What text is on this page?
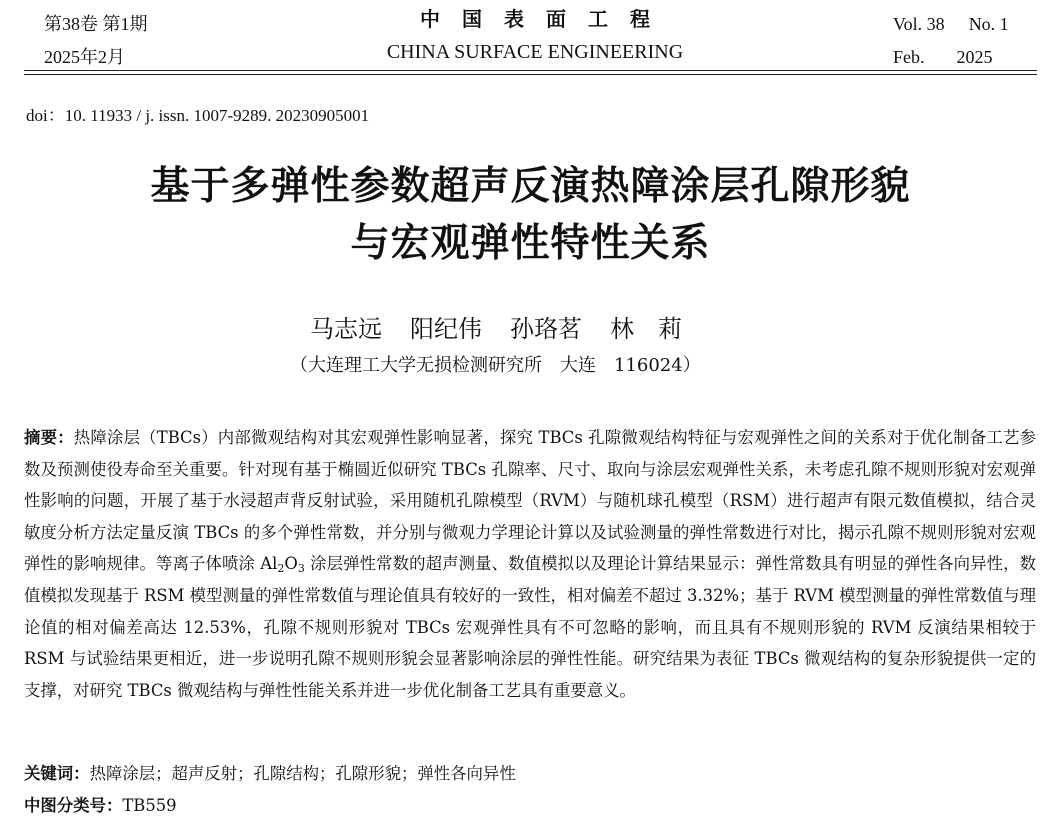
第38卷 第1期
2025年2月
中国表面工程
CHINA SURFACE ENGINEERING
Vol. 38 No. 1
Feb. 2025
doi：10. 11933 / j. issn. 1007-9289. 20230905001
基于多弹性参数超声反演热障涂层孔隙形貌
与宏观弹性特性关系
马志远 阳纪伟 孙珞茗 林　莉
（大连理工大学无损检测研究所 大连 116024）
摘要：热障涂层（TBCs）内部微观结构对其宏观弹性影响显著，探究 TBCs 孔隙微观结构特征与宏观弹性之间的关系对于优化制备工艺参数及预测使役寿命至关重要。针对现有基于椭圆近似研究 TBCs 孔隙率、尺寸、取向与涂层宏观弹性关系，未考虑孔隙不规则形貌对宏观弹性影响的问题，开展了基于水浸超声背反射试验，采用随机孔隙模型（RVM）与随机球孔模型（RSM）进行超声有限元数值模拟，结合灵敏度分析方法定量反演 TBCs 的多个弹性常数，并分别与微观力学理论计算以及试验测量的弹性常数进行对比，揭示孔隙不规则形貌对宏观弹性的影响规律。等离子体喷涂 $Al_2O_3$ 涂层弹性常数的超声测量、数值模拟以及理论计算结果显示：弹性常数具有明显的弹性各向异性，数值模拟发现基于 RSM 模型测量的弹性常数值与理论值具有较好的一致性，相对偏差不超过 3.32%；基于 RVM 模型测量的弹性常数值与理论值的相对偏差高达 12.53%，孔隙不规则形貌对 TBCs 宏观弹性具有不可忽略的影响，而且具有不规则形貌的 RVM 反演结果相较于 RSM 与试验结果更相近，进一步说明孔隙不规则形貌会显著影响涂层的弹性性能。研究结果为表征 TBCs 微观结构的复杂形貌提供一定的支撑，对研究 TBCs 微观结构与弹性性能关系并进一步优化制备工艺具有重要意义。
关键词：热障涂层；超声反射；孔隙结构；孔隙形貌；弹性各向异性
中图分类号：TB559
